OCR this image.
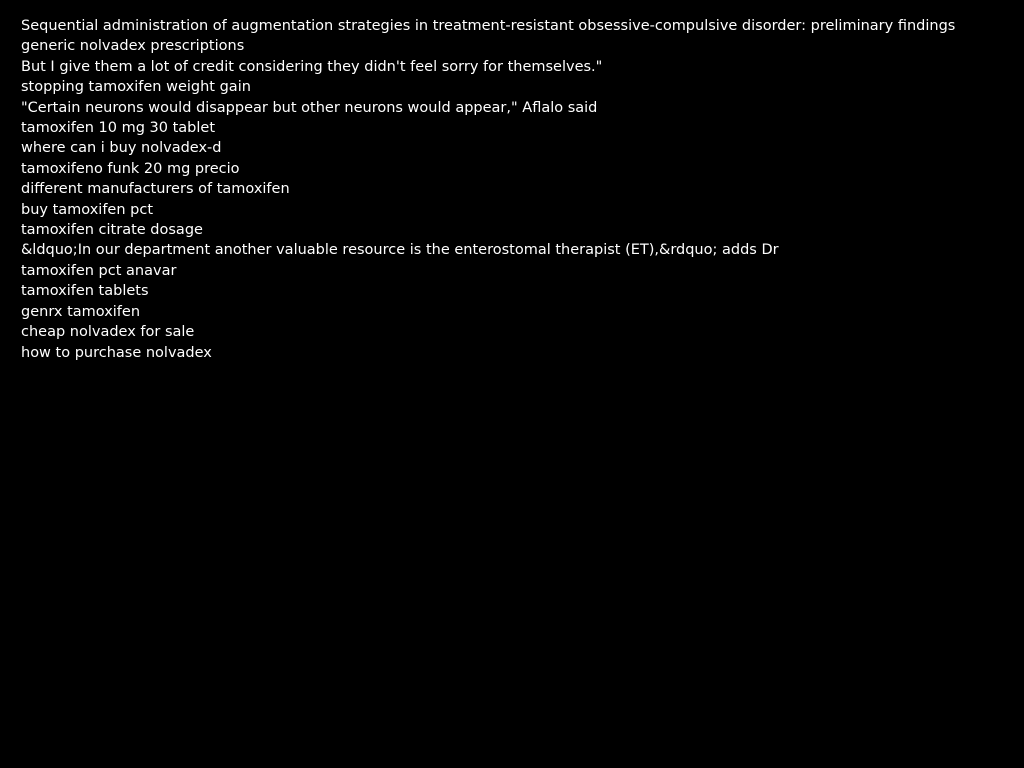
Sequential administration of augmentation strategies in treatment-resistant obsessive-compulsive disorder: preliminary findings
generic nolvadex prescriptions
But I give them a lot of credit considering they didn't feel sorry for themselves."
stopping tamoxifen weight gain
"Certain neurons would disappear but other neurons would appear," Aflalo said
tamoxifen 10 mg 30 tablet
where can i buy nolvadex-d
tamoxifeno funk 20 mg precio
different manufacturers of tamoxifen
buy tamoxifen pct
tamoxifen citrate dosage
&ldquo;In our department another valuable resource is the enterostomal therapist (ET),&rdquo; adds Dr
tamoxifen pct anavar
tamoxifen tablets
genrx tamoxifen
cheap nolvadex for sale
how to purchase nolvadex
